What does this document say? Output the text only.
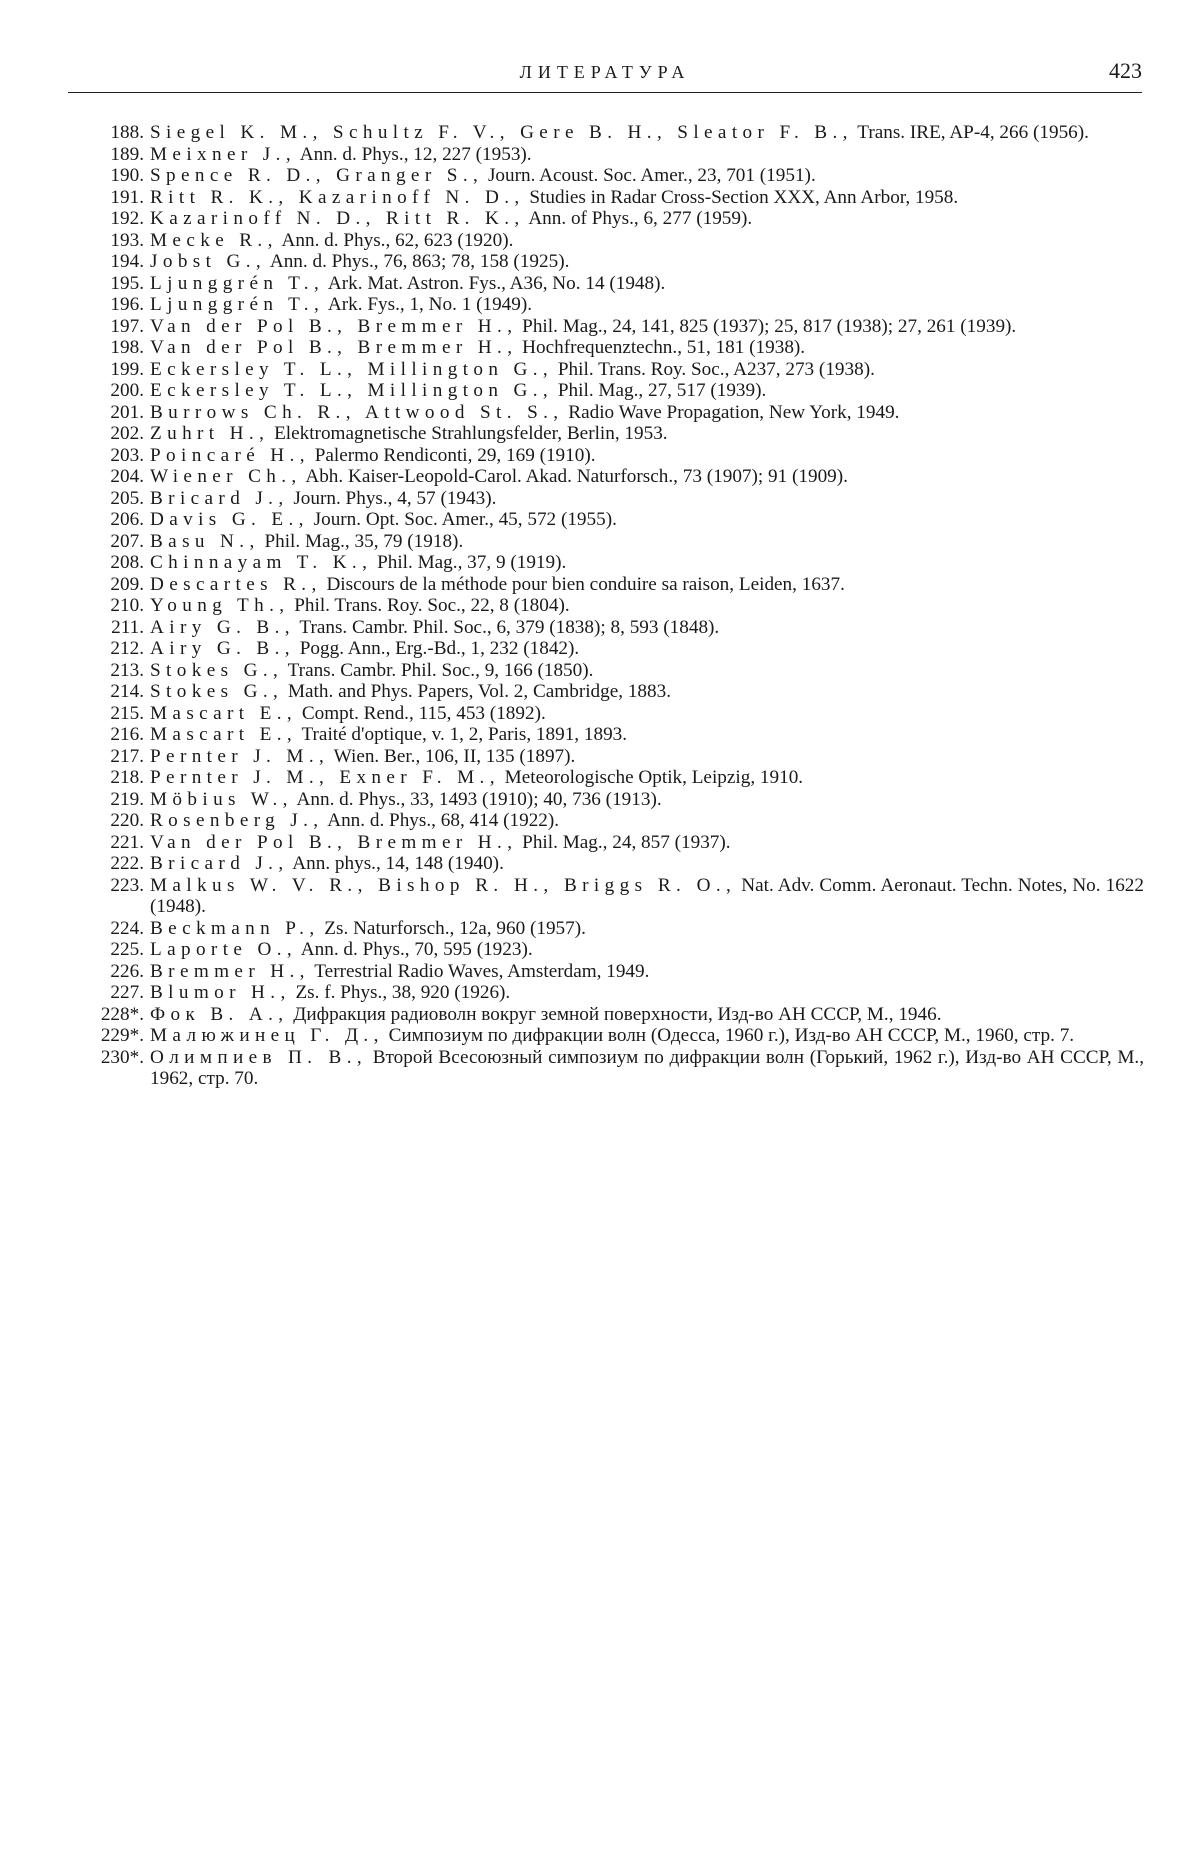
ЛИТЕРАТУРА	423

188. Siegel K. M., Schultz F. V., Gere B. H., Sleator F. B., Trans. IRE, AP-4, 266 (1956).

189. Meixner J., Ann. d. Phys., 12, 227 (1953).

190. Spence R. D., Granger S., Journ. Acoust. Soc. Amer., 23, 701 (1951).

191. Ritt R. K., Kazarinoff N. D., Studies in Radar Cross-Section XXX, Ann Arbor, 1958.

192. Kazarinoff N. D., Ritt R. K., Ann. of Phys., 6, 277 (1959).

193. Mecke R., Ann. d. Phys., 62, 623 (1920).

194. Jobst G., Ann. d. Phys., 76, 863; 78, 158 (1925).

195. Ljunggrén T., Ark. Mat. Astron. Fys., A36, No. 14 (1948).

196. Ljunggrén T., Ark. Fys., 1, No. 1 (1949).

197. Van der Pol B., Bremmer H., Phil. Mag., 24, 141, 825 (1937); 25, 817 (1938); 27, 261 (1939).

198. Van der Pol B., Bremmer H., Hochfrequenztechn., 51, 181 (1938).

199. Eckersley T. L., Millington G., Phil. Trans. Roy. Soc., A237, 273 (1938).

200. Eckersley T. L., Millington G., Phil. Mag., 27, 517 (1939).

201. Burrows Ch. R., Attwood St. S., Radio Wave Propagation, New York, 1949.

202. Zuhrt H., Elektromagnetische Strahlungsfelder, Berlin, 1953.

203. Poincaré H., Palermo Rendiconti, 29, 169 (1910).

204. Wiener Ch., Abh. Kaiser-Leopold-Carol. Akad. Naturforsch., 73 (1907); 91 (1909).

205. Bricard J., Journ. Phys., 4, 57 (1943).

206. Davis G. E., Journ. Opt. Soc. Amer., 45, 572 (1955).

207. Basu N., Phil. Mag., 35, 79 (1918).

208. Chinnayam T. K., Phil. Mag., 37, 9 (1919).

209. Descartes R., Discours de la méthode pour bien conduire sa raison, Leiden, 1637.

210. Young Th., Phil. Trans. Roy. Soc., 22, 8 (1804).

211. Airy G. B., Trans. Cambr. Phil. Soc., 6, 379 (1838); 8, 593 (1848).

212. Airy G. B., Pogg. Ann., Erg.-Bd., 1, 232 (1842).

213. Stokes G., Trans. Cambr. Phil. Soc., 9, 166 (1850).

214. Stokes G., Math. and Phys. Papers, Vol. 2, Cambridge, 1883.

215. Mascart E., Compt. Rend., 115, 453 (1892).

216. Mascart E., Traité d'optique, v. 1, 2, Paris, 1891, 1893.

217. Pernter J. M., Wien. Ber., 106, II, 135 (1897).

218. Pernter J. M., Exner F. M., Meteorologische Optik, Leipzig, 1910.

219. Möbius W., Ann. d. Phys., 33, 1493 (1910); 40, 736 (1913).

220. Rosenberg J., Ann. d. Phys., 68, 414 (1922).

221. Van der Pol B., Bremmer H., Phil. Mag., 24, 857 (1937).

222. Bricard J., Ann. phys., 14, 148 (1940).

223. Malkus W. V. R., Bishop R. H., Briggs R. O., Nat. Adv. Comm. Aeronaut. Techn. Notes, No. 1622 (1948).

224. Beckmann P., Zs. Naturforsch., 12a, 960 (1957).

225. Laporte O., Ann. d. Phys., 70, 595 (1923).

226. Bremmer H., Terrestrial Radio Waves, Amsterdam, 1949.

227. Blumor H., Zs. f. Phys., 38, 920 (1926).

228*. Фок В. А., Дифракция радиоволн вокруг земной поверхности, Изд-во АН СССР, М., 1946.

229*. Малюжинец Г. Д., Симпозиум по дифракции волн (Одесса, 1960 г.), Изд-во АН СССР, М., 1960, стр. 7.

230*. Олимпиев П. В., Второй Всесоюзный симпозиум по дифракции волн (Горький, 1962 г.), Изд-во АН СССР, М., 1962, стр. 70.
